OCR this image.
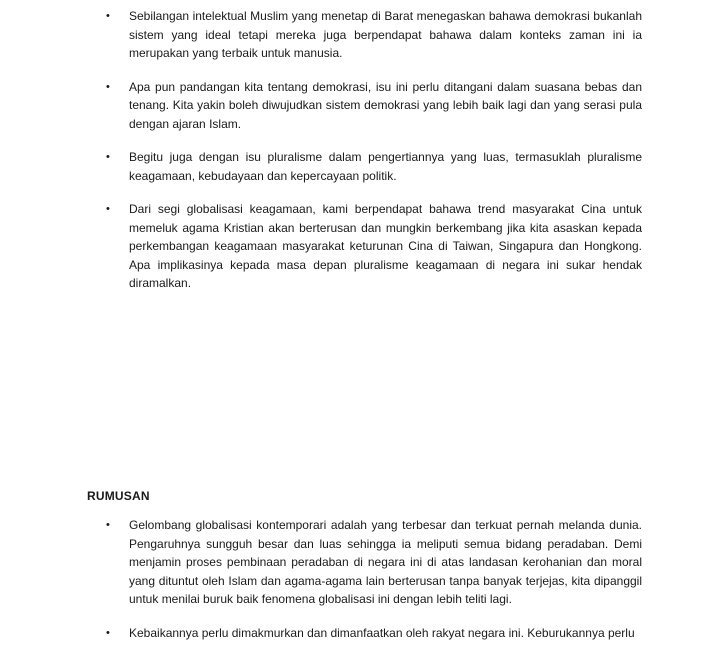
• Sebilangan intelektual Muslim yang menetap di Barat menegaskan bahawa demokrasi bukanlah sistem yang ideal tetapi mereka juga berpendapat bahawa dalam konteks zaman ini ia merupakan yang terbaik untuk manusia.
• Apa pun pandangan kita tentang demokrasi, isu ini perlu ditangani dalam suasana bebas dan tenang. Kita yakin boleh diwujudkan sistem demokrasi yang lebih baik lagi dan yang serasi pula dengan ajaran Islam.
• Begitu juga dengan isu pluralisme dalam pengertiannya yang luas, termasuklah pluralisme keagamaan, kebudayaan dan kepercayaan politik.
• Dari segi globalisasi keagamaan, kami berpendapat bahawa trend masyarakat Cina untuk memeluk agama Kristian akan berterusan dan mungkin berkembang jika kita asaskan kepada perkembangan keagamaan masyarakat keturunan Cina di Taiwan, Singapura dan Hongkong. Apa implikasinya kepada masa depan pluralisme keagamaan di negara ini sukar hendak diramalkan.
RUMUSAN
• Gelombang globalisasi kontemporari adalah yang terbesar dan terkuat pernah melanda dunia. Pengaruhnya sungguh besar dan luas sehingga ia meliputi semua bidang peradaban. Demi menjamin proses pembinaan peradaban di negara ini di atas landasan kerohanian dan moral yang dituntut oleh Islam dan agama-agama lain berterusan tanpa banyak terjejas, kita dipanggil untuk menilai buruk baik fenomena globalisasi ini dengan lebih teliti lagi.
• Kebaikannya perlu dimakmurkan dan dimanfaatkan oleh rakyat negara ini. Keburukannya perlu
